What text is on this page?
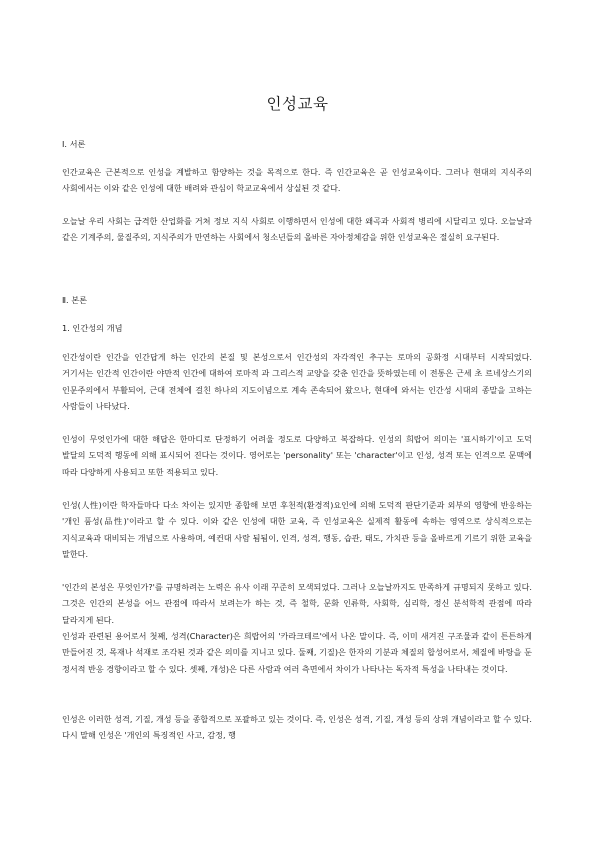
인성교육
Ⅰ. 서론

인간교육은 근본적으로 인성을 계발하고 함양하는 것을 목적으로 한다. 즉 인간교육은 곧 인성교육이다. 그러나 현대의 지식주의 사회에서는 이와 같은 인성에 대한 배려와 관심이 학교교육에서 상실된 것 같다.

오늘날 우리 사회는 급격한 산업화를 거쳐 정보 지식 사회로 이행하면서 인성에 대한 왜곡과 사회적 병리에 시달리고 있다. 오늘날과 같은 기계주의, 물질주의, 지식주의가 만연하는 사회에서 청소년들의 올바른 자아정체감을 위한 인성교육은 절실히 요구된다.

Ⅱ. 본론
1. 인간성의 개념

인간성이란 인간을 인간답게 하는 인간의 본질 및 본성으로서 인간성의 자각적인 추구는 로마의 공화정 시대부터 시작되었다. 거기서는 인간적 인간이란 야만적 인간에 대하여 로마적 과 그리스적 교양을 갖춘 인간을 뜻하였는데 이 전통은 근세 초 르네상스기의 인문주의에서 부활되어, 근대 전체에 걸친 하나의 지도이념으로 계속 존속되어 왔으나, 현대에 와서는 인간성 시대의 종말을 고하는 사람들이 나타났다.

인성이 무엇인가에 대한 해답은 한마디로 단정하기 어려울 정도로 다양하고 복잡하다. 인성의 희랍어 의미는 '표시하기'이고 도덕 발달의 도덕적 행동에 의해 표시되어 진다는 것이다. 영어로는 'personality' 또는 'character'이고 인성, 성격 또는 인격으로 문맥에 따라 다양하게 사용되고 또한 적용되고 있다.

인성(人性)이란 학자들마다 다소 차이는 있지만 종합해 보면 후천적(환경적)요인에 의해 도덕적 판단기준과 외부의 영향에 반응하는 '개인 품성(品性)'이라고 할 수 있다. 이와 같은 인성에 대한 교육, 즉 인성교육은 실제적 활동에 속하는 영역으로 상식적으로는 지식교육과 대비되는 개념으로 사용하며, 예컨대 사람 됨됨이, 인격, 성격, 행동, 습관, 태도, 가치관 등을 올바르게 기르기 위한 교육을 말한다.

'인간의 본성은 무엇인가?'를 규명하려는 노력은 유사 이래 꾸준히 모색되었다. 그러나 오늘날까지도 만족하게 규명되지 못하고 있다. 그것은 인간의 본성을 어느 관점에 따라서 보려는가 하는 것, 즉 철학, 문화 인류학, 사회학, 심리학, 정신 분석학적 관점에 따라 달라지게 된다.

인성과 관련된 용어로서 첫째, 성격(Character)은 희랍어의 '카라크테르'에서 나온 말이다. 즉, 이미 새겨진 구조물과 같이 튼튼하게 만들어진 것, 목재나 석재로 조각된 것과 같은 의미를 지니고 있다. 둘째, 기질)은 한자의 기분과 체질의 합성어로서, 체질에 바탕을 둔 정서적 반응 경향이라고 할 수 있다. 셋째, 개성)은 다른 사람과 여러 측면에서 차이가 나타나는 독자적 특성을 나타내는 것이다.

인성은 이러한 성격, 기질, 개성 등을 종합적으로 포괄하고 있는 것이다. 즉, 인성은 성격, 기질, 개성 등의 상위 개념이라고 할 수 있다. 다시 말해 인성은 '개인의 특징적인 사고, 감정, 행
